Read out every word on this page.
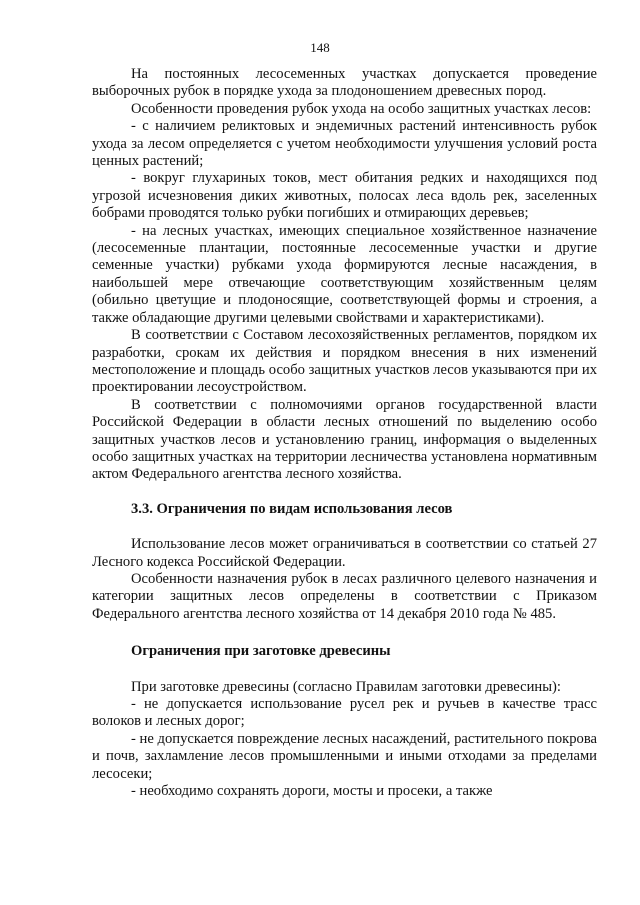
148

На постоянных лесосеменных участках допускается проведение выборочных рубок в порядке ухода за плодоношением древесных пород.

Особенности проведения рубок ухода на особо защитных участках лесов:

- с наличием реликтовых и эндемичных растений интенсивность рубок ухода за лесом определяется с учетом необходимости улучшения условий роста ценных растений;

- вокруг глухариных токов, мест обитания редких и находящихся под угрозой исчезновения диких животных, полосах леса вдоль рек, заселенных бобрами проводятся только рубки погибших и отмирающих деревьев;

- на лесных участках, имеющих специальное хозяйственное назначение (лесосеменные плантации, постоянные лесосеменные участки и другие семенные участки) рубками ухода формируются лесные насаждения, в наибольшей мере отвечающие соответствующим хозяйственным целям (обильно цветущие и плодоносящие, соответствующей формы и строения, а также обладающие другими целевыми свойствами и характеристиками).

В соответствии с Составом лесохозяйственных регламентов, порядком их разработки, срокам их действия и порядком внесения в них изменений местоположение и площадь особо защитных участков лесов указываются при их проектировании лесоустройством.

В соответствии с полномочиями органов государственной власти Российской Федерации в области лесных отношений по выделению особо защитных участков лесов и установлению границ, информация о выделенных особо защитных участках на территории лесничества установлена нормативным актом Федерального агентства лесного хозяйства.

3.3. Ограничения по видам использования лесов

Использование лесов может ограничиваться в соответствии со статьей 27 Лесного кодекса Российской Федерации.

Особенности назначения рубок в лесах различного целевого назначения и категории защитных лесов определены в соответствии с Приказом Федерального агентства лесного хозяйства от 14 декабря 2010 года № 485.

Ограничения при заготовке древесины

При заготовке древесины (согласно Правилам заготовки древесины):

- не допускается использование русел рек и ручьев в качестве трасс волоков и лесных дорог;

- не допускается повреждение лесных насаждений, растительного покрова и почв, захламление лесов промышленными и иными отходами за пределами лесосеки;

- необходимо сохранять дороги, мосты и просеки, а также
